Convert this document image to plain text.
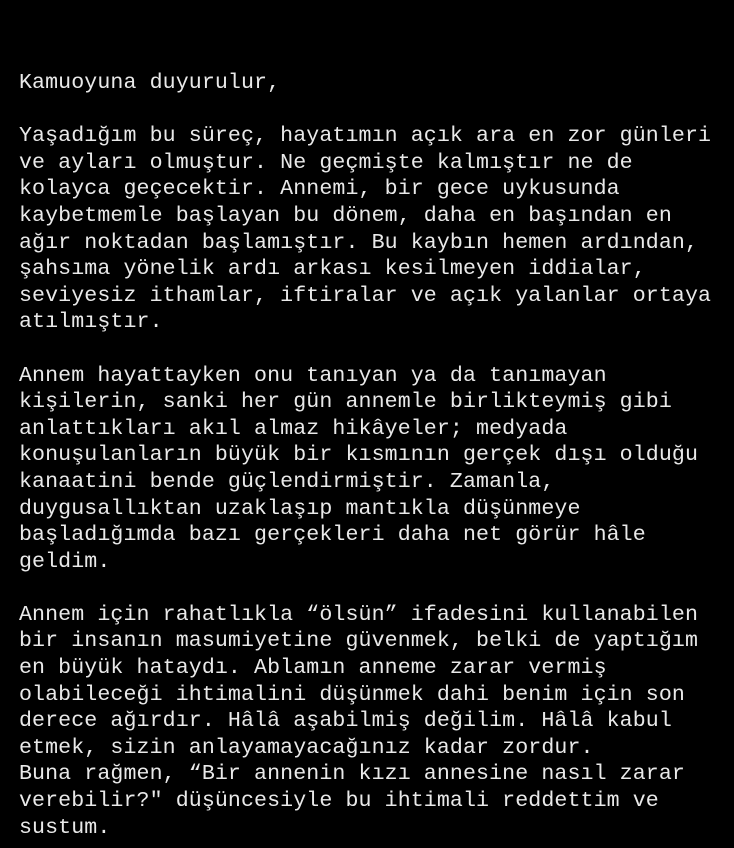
Kamuoyuna duyurulur,
Yaşadığım bu süreç, hayatımın açık ara en zor günleri
ve ayları olmuştur. Ne geçmişte kalmıştır ne de
kolayca geçecektir. Annemi, bir gece uykusunda
kaybetmemle başlayan bu dönem, daha en başından en
ağır noktadan başlamıştır. Bu kaybın hemen ardından,
şahsıma yönelik ardı arkası kesilmeyen iddialar,
seviyesiz ithamlar, iftiralar ve açık yalanlar ortaya
atılmıştır.
Annem hayattayken onu tanıyan ya da tanımayan
kişilerin, sanki her gün annemle birlikteymiş gibi
anlattıkları akıl almaz hikâyeler; medyada
konuşulanların büyük bir kısmının gerçek dışı olduğu
kanaatini bende güçlendirmiştir. Zamanla,
duygusallıktan uzaklaşıp mantıkla düşünmeye
başladığımda bazı gerçekleri daha net görür hâle
geldim.
Annem için rahatlıkla “ölsün” ifadesini kullanabilen
bir insanın masumiyetine güvenmek, belki de yaptığım
en büyük hataydı. Ablamın anneme zarar vermiş
olabileceği ihtimalini düşünmek dahi benim için son
derece ağırdır. Hâlâ aşabilmiş değilim. Hâlâ kabul
etmek, sizin anlayamayacağınız kadar zordur.
Buna rağmen, “Bir annenin kızı annesine nasıl zarar
verebilir?" düşüncesiyle bu ihtimali reddettim ve
sustum.
